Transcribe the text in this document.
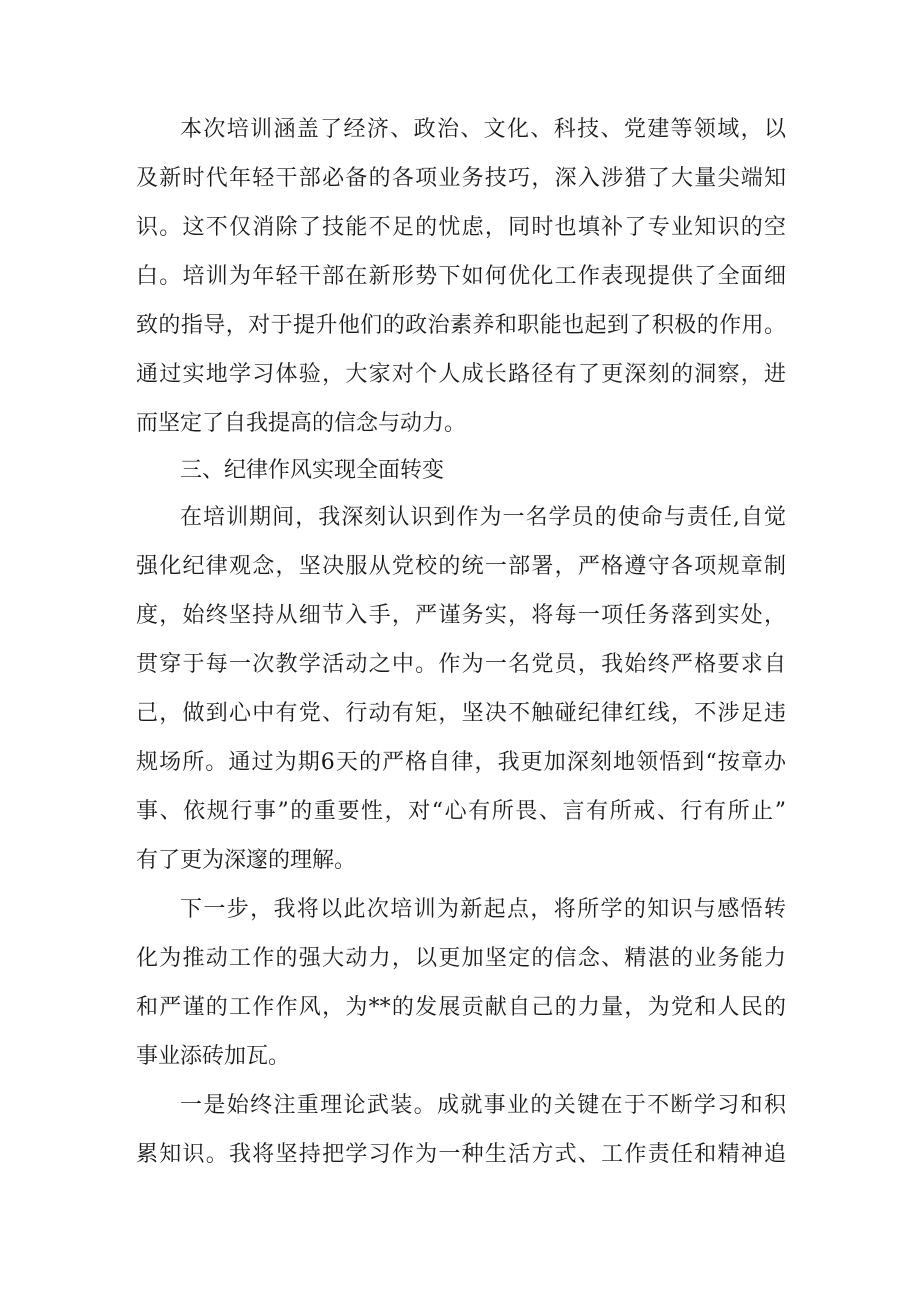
本次培训涵盖了经济、政治、文化、科技、党建等领域，以
及新时代年轻干部必备的各项业务技巧，深入涉猎了大量尖端知
识。这不仅消除了技能不足的忧虑，同时也填补了专业知识的空
白。培训为年轻干部在新形势下如何优化工作表现提供了全面细
致的指导，对于提升他们的政治素养和职能也起到了积极的作用。
通过实地学习体验，大家对个人成长路径有了更深刻的洞察，进
而坚定了自我提高的信念与动力。
三、纪律作风实现全面转变
在培训期间，我深刻认识到作为一名学员的使命与责任,自觉
强化纪律观念，坚决服从党校的统一部署，严格遵守各项规章制
度，始终坚持从细节入手，严谨务实，将每一项任务落到实处，
贯穿于每一次教学活动之中。作为一名党员，我始终严格要求自
己，做到心中有党、行动有矩，坚决不触碰纪律红线，不涉足违
规场所。通过为期6天的严格自律，我更加深刻地领悟到“按章办
事、依规行事”的重要性，对“心有所畏、言有所戒、行有所止”
有了更为深邃的理解。
下一步，我将以此次培训为新起点，将所学的知识与感悟转
化为推动工作的强大动力，以更加坚定的信念、精湛的业务能力
和严谨的工作作风，为**的发展贡献自己的力量，为党和人民的
事业添砖加瓦。
一是始终注重理论武装。成就事业的关键在于不断学习和积
累知识。我将坚持把学习作为一种生活方式、工作责任和精神追
